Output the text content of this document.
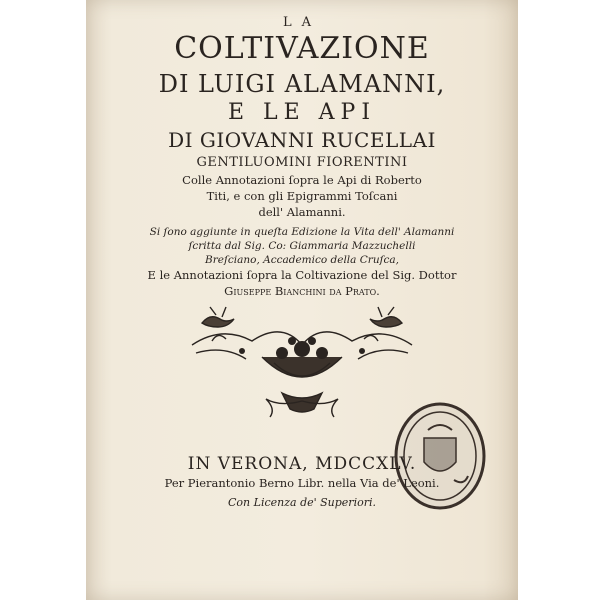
LA
COLTIVAZIONE
DI LUIGI ALAMANNI,
E LE API
DI GIOVANNI RUCELLAI
GENTILUOMINI FIORENTINI
Colle Annotazioni ſopra le Api di Roberto
Titi, e con gli Epigrammi Toſcani
dell' Alamanni.
Si ſono aggiunte in queſta Edizione la Vita dell' Alamanni
ſcritta dal Sig. Co: Giammaria Mazzuchelli
Breſciano, Accademico della Cruſca,
E le Annotazioni ſopra la Coltivazione del Sig. Dottor
Giuseppe Bianchini da Prato.
IN VERONA, MDCCXLV.
Per Pierantonio Berno Libr. nella Via de' Leoni.
Con Licenza de' Superiori.
